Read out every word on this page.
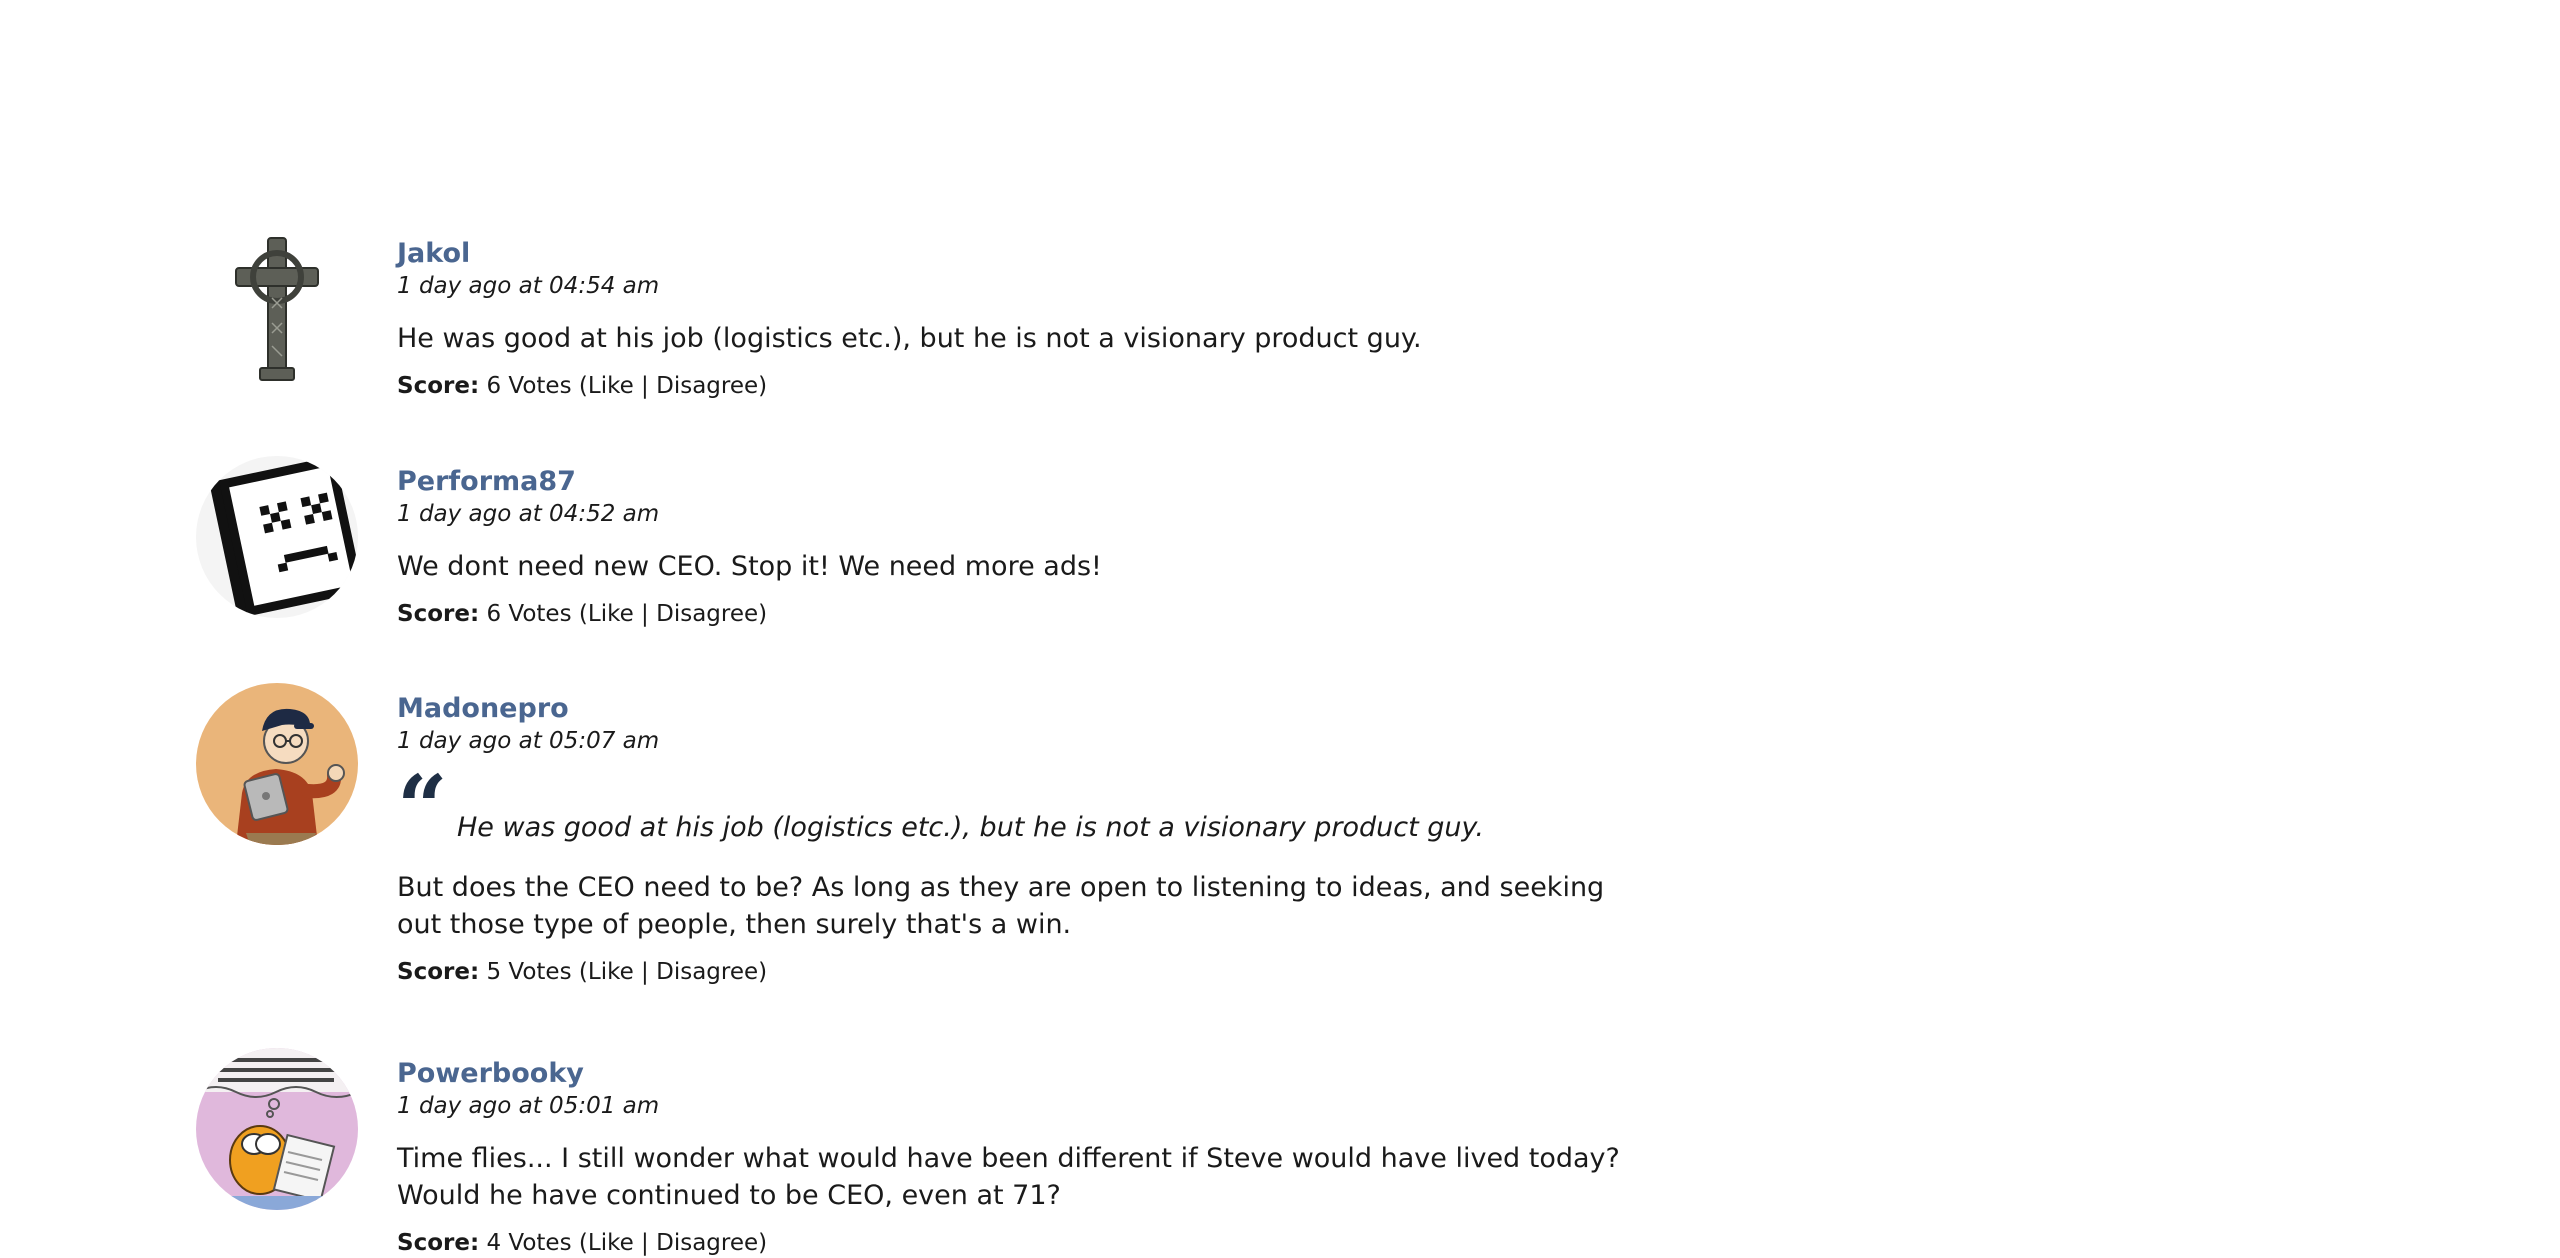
Jakol
1 day ago at 04:54 am

He was good at his job (logistics etc.), but he is not a visionary product guy.

Score: 6 Votes (Like | Disagree)
Performa87
1 day ago at 04:52 am

We dont need new CEO. Stop it! We need more ads!

Score: 6 Votes (Like | Disagree)
Madonepro
1 day ago at 05:07 am
“ He was good at his job (logistics etc.), but he is not a visionary product guy.

But does the CEO need to be? As long as they are open to listening to ideas, and seeking out those type of people, then surely that's a win.

Score: 5 Votes (Like | Disagree)
Powerbooky
1 day ago at 05:01 am

Time flies... I still wonder what would have been different if Steve would have lived today? Would he have continued to be CEO, even at 71?

Score: 4 Votes (Like | Disagree)
